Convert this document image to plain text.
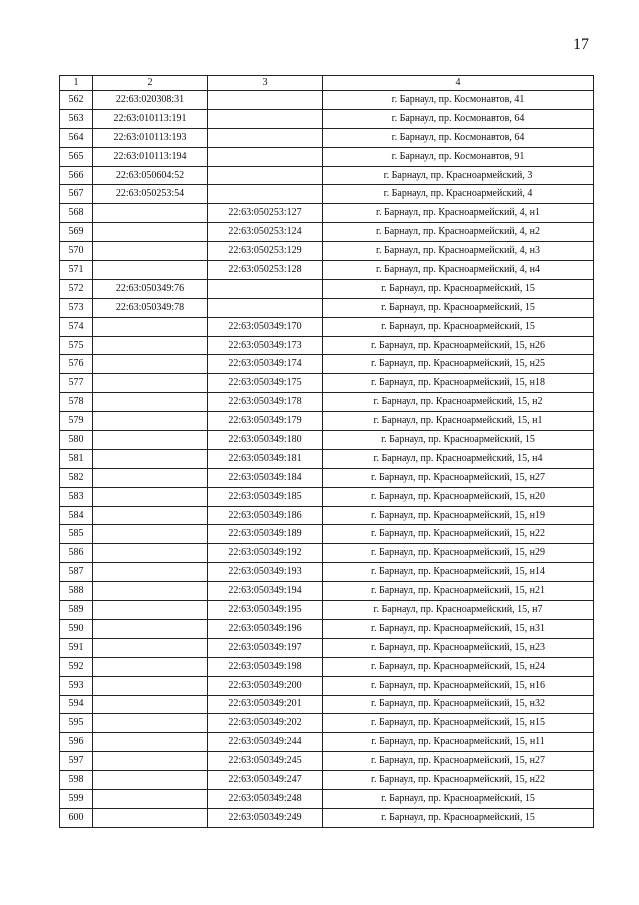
17
1	2	3	4
562	22:63:020308:31		г. Барнаул, пр. Космонавтов, 41
563	22:63:010113:191		г. Барнаул, пр. Космонавтов, 64
564	22:63:010113:193		г. Барнаул, пр. Космонавтов, 64
565	22:63:010113:194		г. Барнаул, пр. Космонавтов, 91
566	22:63:050604:52		г. Барнаул, пр. Красноармейский, 3
567	22:63:050253:54		г. Барнаул, пр. Красноармейский, 4
568		22:63:050253:127	г. Барнаул, пр. Красноармейский, 4, н1
569		22:63:050253:124	г. Барнаул, пр. Красноармейский, 4, н2
570		22:63:050253:129	г. Барнаул, пр. Красноармейский, 4, н3
571		22:63:050253:128	г. Барнаул, пр. Красноармейский, 4, н4
572	22:63:050349:76		г. Барнаул, пр. Красноармейский, 15
573	22:63:050349:78		г. Барнаул, пр. Красноармейский, 15
574		22:63:050349:170	г. Барнаул, пр. Красноармейский, 15
575		22:63:050349:173	г. Барнаул, пр. Красноармейский, 15, н26
576		22:63:050349:174	г. Барнаул, пр. Красноармейский, 15, н25
577		22:63:050349:175	г. Барнаул, пр. Красноармейский, 15, н18
578		22:63:050349:178	г. Барнаул, пр. Красноармейский, 15, н2
579		22:63:050349:179	г. Барнаул, пр. Красноармейский, 15, н1
580		22:63:050349:180	г. Барнаул, пр. Красноармейский, 15
581		22:63:050349:181	г. Барнаул, пр. Красноармейский, 15, н4
582		22:63:050349:184	г. Барнаул, пр. Красноармейский, 15, н27
583		22:63:050349:185	г. Барнаул, пр. Красноармейский, 15, н20
584		22:63:050349:186	г. Барнаул, пр. Красноармейский, 15, н19
585		22:63:050349:189	г. Барнаул, пр. Красноармейский, 15, н22
586		22:63:050349:192	г. Барнаул, пр. Красноармейский, 15, н29
587		22:63:050349:193	г. Барнаул, пр. Красноармейский, 15, н14
588		22:63:050349:194	г. Барнаул, пр. Красноармейский, 15, н21
589		22:63:050349:195	г. Барнаул, пр. Красноармейский, 15, н7
590		22:63:050349:196	г. Барнаул, пр. Красноармейский, 15, н31
591		22:63:050349:197	г. Барнаул, пр. Красноармейский, 15, н23
592		22:63:050349:198	г. Барнаул, пр. Красноармейский, 15, н24
593		22:63:050349:200	г. Барнаул, пр. Красноармейский, 15, н16
594		22:63:050349:201	г. Барнаул, пр. Красноармейский, 15, н32
595		22:63:050349:202	г. Барнаул, пр. Красноармейский, 15, н15
596		22:63:050349:244	г. Барнаул, пр. Красноармейский, 15, н11
597		22:63:050349:245	г. Барнаул, пр. Красноармейский, 15, н27
598		22:63:050349:247	г. Барнаул, пр. Красноармейский, 15, н22
599		22:63:050349:248	г. Барнаул, пр. Красноармейский, 15
600		22:63:050349:249	г. Барнаул, пр. Красноармейский, 15
